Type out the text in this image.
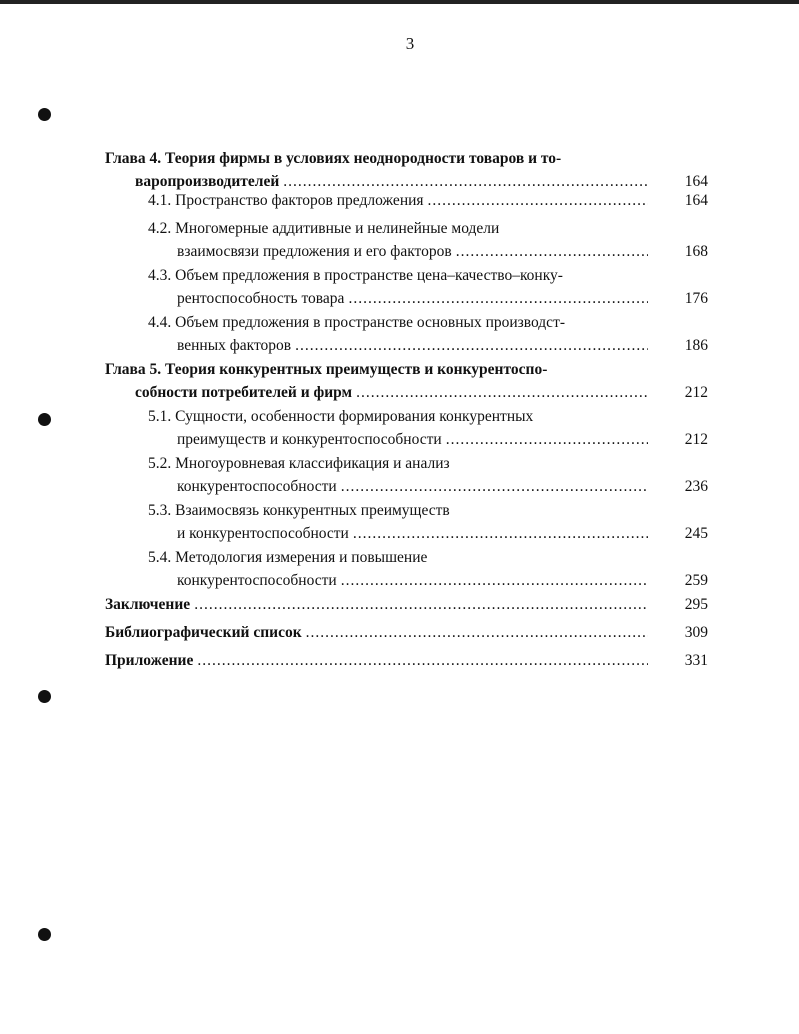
3
Глава 4. Теория фирмы в условиях неоднородности товаров и то-
варопроизводителей .....	164
4.1. Пространство факторов предложения .....	164
4.2. Многомерные аддитивные и нелинейные модели
взаимосвязи предложения и его факторов .....	168
4.3. Объем предложения в пространстве цена–качество–конку-
рентоспособность товара .....	176
4.4. Объем предложения в пространстве основных производст-
венных факторов .....	186
Глава 5. Теория конкурентных преимуществ и конкурентоспо-
собности потребителей и фирм .....	212
5.1. Сущности, особенности формирования конкурентных
преимуществ и конкурентоспособности .....	212
5.2. Многоуровневая классификация и анализ
конкурентоспособности .....	236
5.3. Взаимосвязь конкурентных преимуществ
и конкурентоспособности .....	245
5.4. Методология измерения и повышение
конкурентоспособности .....	259
Заключение .....	295
Библиографический список .....	309
Приложение .....	331
